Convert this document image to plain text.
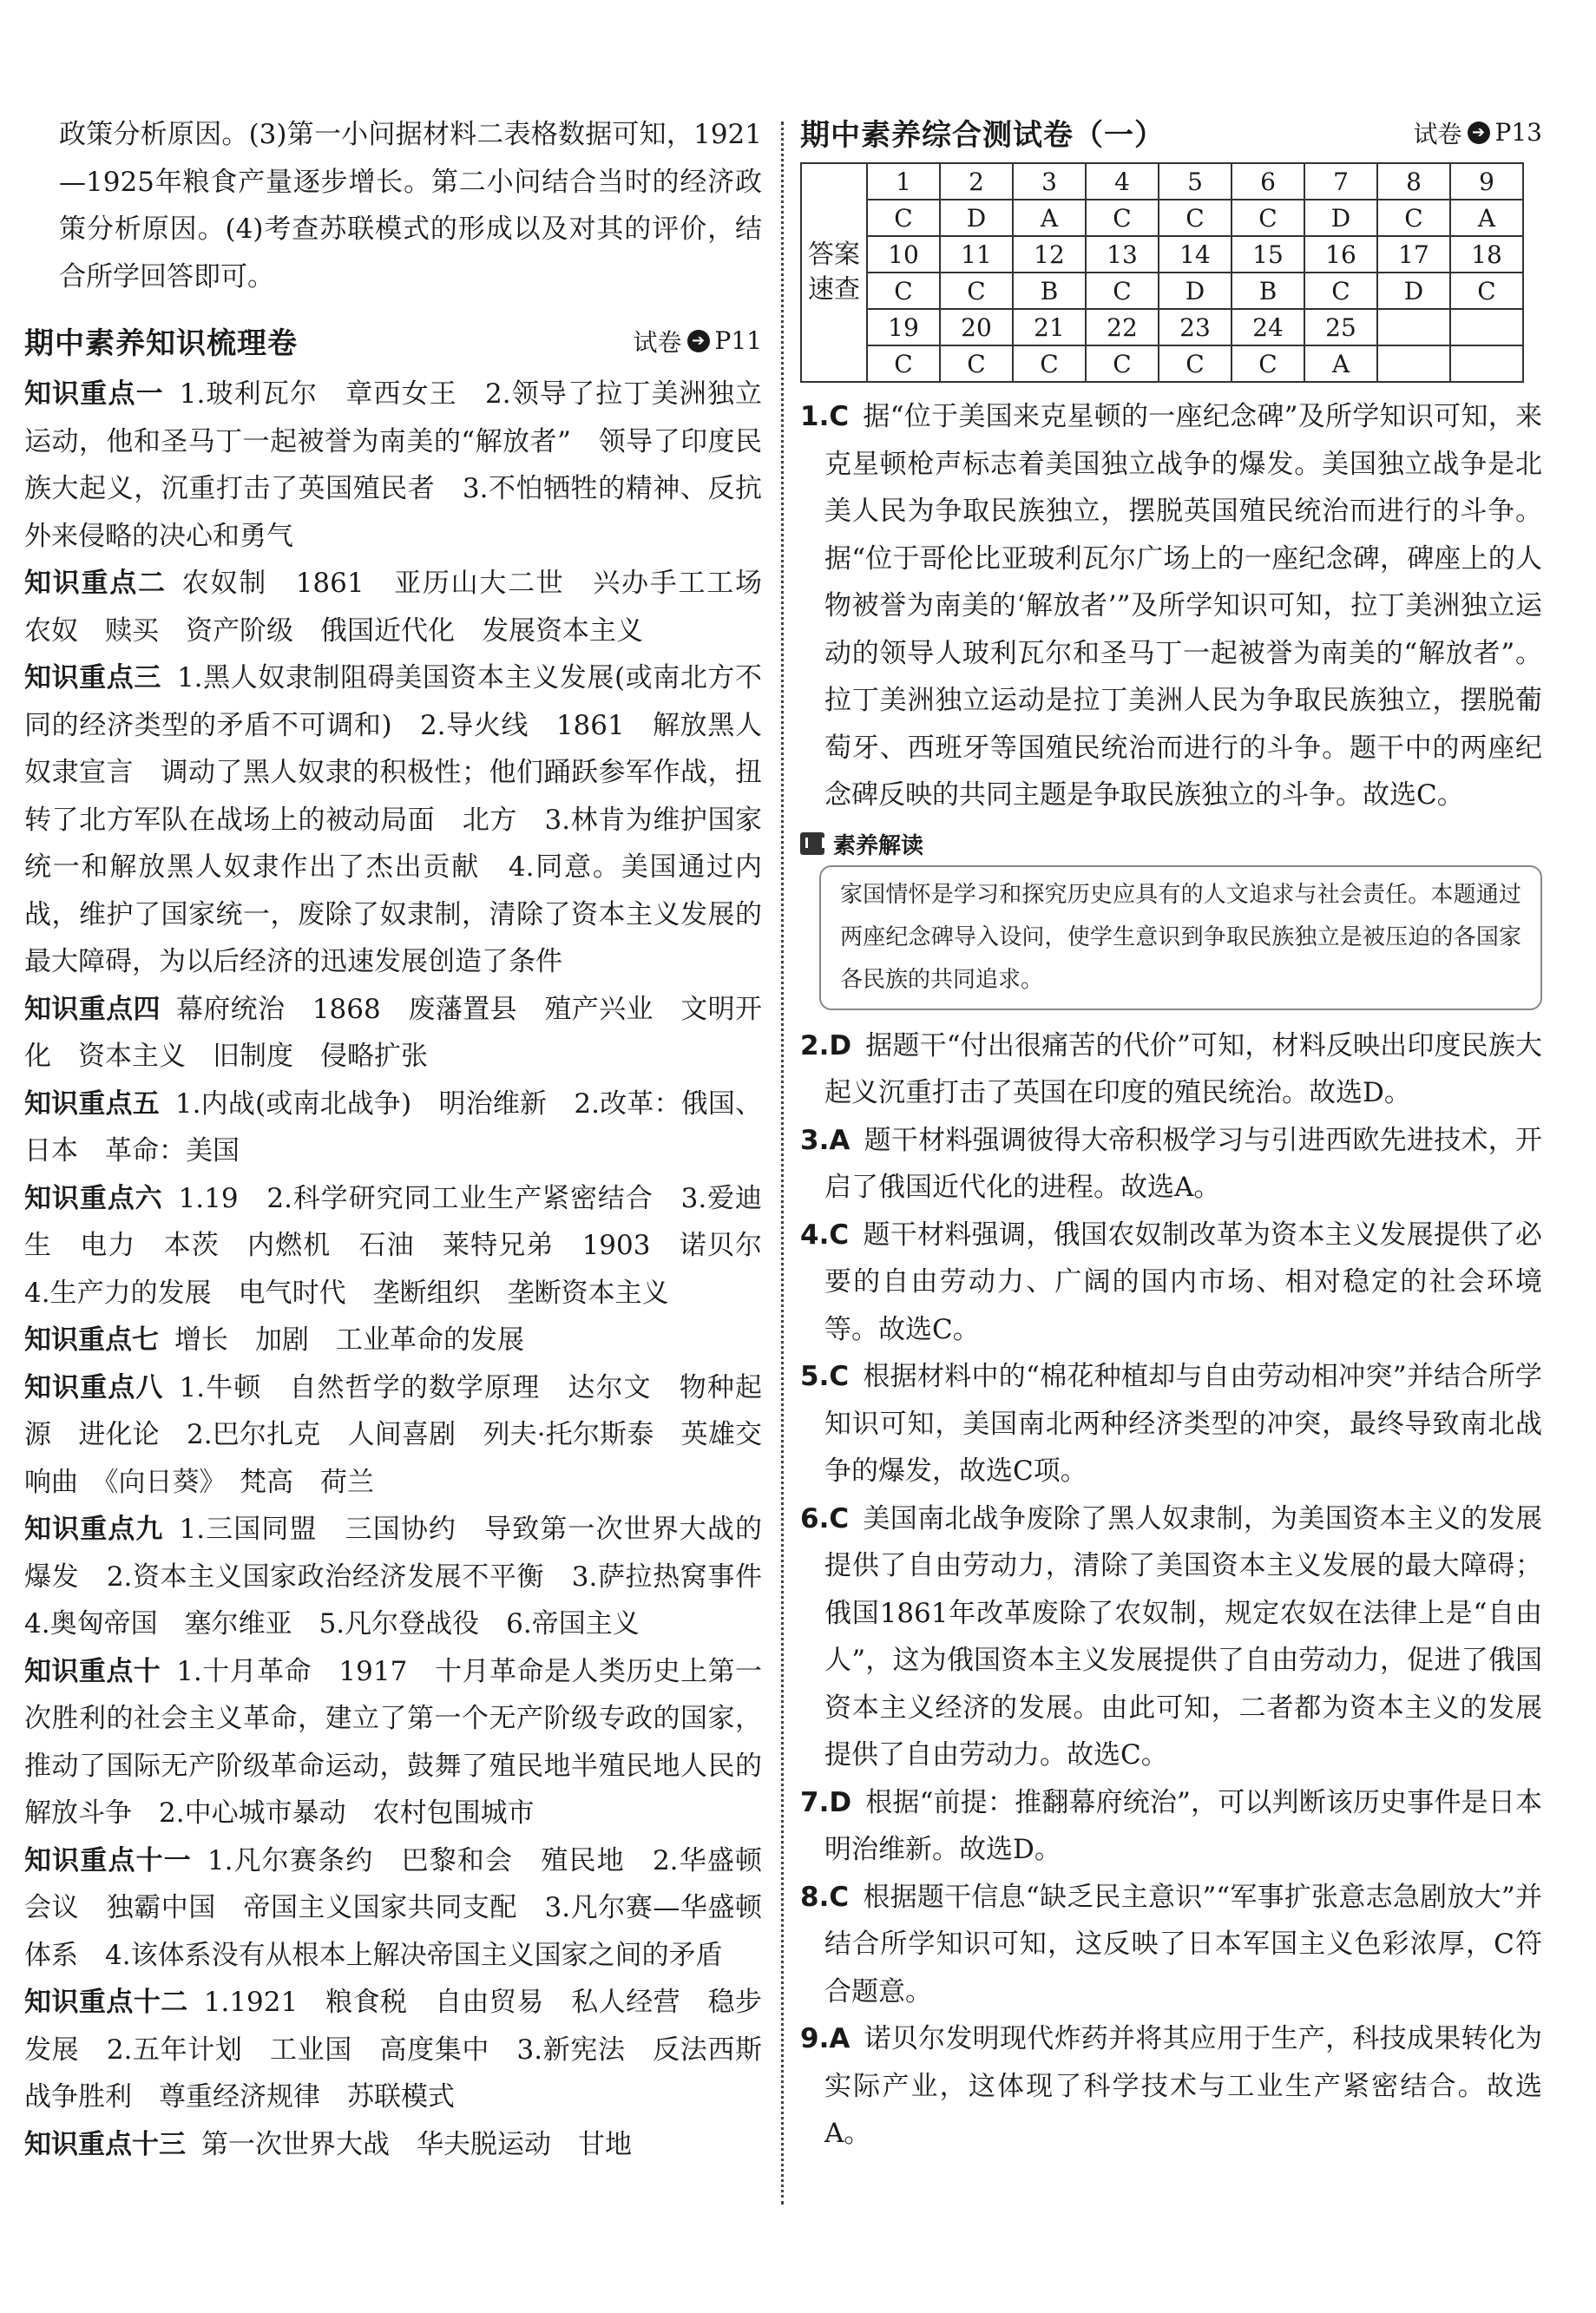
政策分析原因。(3)第一小问据材料二表格数据可知，1921—1925年粮食产量逐步增长。第二小问结合当时的经济政策分析原因。(4)考查苏联模式的形成以及对其的评价，结合所学回答即可。

期中素养知识梳理卷	试卷 ➔ P11

知识重点一 1.玻利瓦尔　章西女王　2.领导了拉丁美洲独立运动，他和圣马丁一起被誉为南美的“解放者”　领导了印度民族大起义，沉重打击了英国殖民者　3.不怕牺牲的精神、反抗外来侵略的决心和勇气

知识重点二 农奴制　1861　亚历山大二世　兴办手工工场　农奴　赎买　资产阶级　俄国近代化　发展资本主义

知识重点三 1.黑人奴隶制阻碍美国资本主义发展(或南北方不同的经济类型的矛盾不可调和)　2.导火线　1861　解放黑人奴隶宣言　调动了黑人奴隶的积极性；他们踊跃参军作战，扭转了北方军队在战场上的被动局面　北方　3.林肯为维护国家统一和解放黑人奴隶作出了杰出贡献　4.同意。美国通过内战，维护了国家统一，废除了奴隶制，清除了资本主义发展的最大障碍，为以后经济的迅速发展创造了条件

知识重点四 幕府统治　1868　废藩置县　殖产兴业　文明开化　资本主义　旧制度　侵略扩张

知识重点五 1.内战(或南北战争)　明治维新　2.改革：俄国、日本　革命：美国

知识重点六 1.19　2.科学研究同工业生产紧密结合　3.爱迪生　电力　本茨　内燃机　石油　莱特兄弟　1903　诺贝尔　4.生产力的发展　电气时代　垄断组织　垄断资本主义

知识重点七 增长　加剧　工业革命的发展

知识重点八 1.牛顿　自然哲学的数学原理　达尔文　物种起源　进化论　2.巴尔扎克　人间喜剧　列夫·托尔斯泰　英雄交响曲　《向日葵》　梵高　荷兰

知识重点九 1.三国同盟　三国协约　导致第一次世界大战的爆发　2.资本主义国家政治经济发展不平衡　3.萨拉热窝事件　4.奥匈帝国　塞尔维亚　5.凡尔登战役　6.帝国主义

知识重点十 1.十月革命　1917　十月革命是人类历史上第一次胜利的社会主义革命，建立了第一个无产阶级专政的国家，推动了国际无产阶级革命运动，鼓舞了殖民地半殖民地人民的解放斗争　2.中心城市暴动　农村包围城市

知识重点十一 1.凡尔赛条约　巴黎和会　殖民地　2.华盛顿会议　独霸中国　帝国主义国家共同支配　3.凡尔赛—华盛顿体系　4.该体系没有从根本上解决帝国主义国家之间的矛盾

知识重点十二 1.1921　粮食税　自由贸易　私人经营　稳步发展　2.五年计划　工业国　高度集中　3.新宪法　反法西斯战争胜利　尊重经济规律　苏联模式

知识重点十三 第一次世界大战　华夫脱运动　甘地

期中素养综合测试卷（一）	试卷 ➔ P13
答案速查	1	2	3	4	5	6	7	8	9
	C	D	A	C	C	C	D	C	A
	10	11	12	13	14	15	16	17	18
	C	C	B	C	D	B	C	D	C
	19	20	21	22	23	24	25		
	C	C	C	C	C	C	A		

1.C 据“位于美国来克星顿的一座纪念碑”及所学知识可知，来克星顿枪声标志着美国独立战争的爆发。美国独立战争是北美人民为争取民族独立，摆脱英国殖民统治而进行的斗争。据“位于哥伦比亚玻利瓦尔广场上的一座纪念碑，碑座上的人物被誉为南美的‘解放者’”及所学知识可知，拉丁美洲独立运动的领导人玻利瓦尔和圣马丁一起被誉为南美的“解放者”。拉丁美洲独立运动是拉丁美洲人民为争取民族独立，摆脱葡萄牙、西班牙等国殖民统治而进行的斗争。题干中的两座纪念碑反映的共同主题是争取民族独立的斗争。故选C。

素养解读
家国情怀是学习和探究历史应具有的人文追求与社会责任。本题通过两座纪念碑导入设问，使学生意识到争取民族独立是被压迫的各国家各民族的共同追求。

2.D 据题干“付出很痛苦的代价”可知，材料反映出印度民族大起义沉重打击了英国在印度的殖民统治。故选D。

3.A 题干材料强调彼得大帝积极学习与引进西欧先进技术，开启了俄国近代化的进程。故选A。

4.C 题干材料强调，俄国农奴制改革为资本主义发展提供了必要的自由劳动力、广阔的国内市场、相对稳定的社会环境等。故选C。

5.C 根据材料中的“棉花种植却与自由劳动相冲突”并结合所学知识可知，美国南北两种经济类型的冲突，最终导致南北战争的爆发，故选C项。

6.C 美国南北战争废除了黑人奴隶制，为美国资本主义的发展提供了自由劳动力，清除了美国资本主义发展的最大障碍；俄国1861年改革废除了农奴制，规定农奴在法律上是“自由人”，这为俄国资本主义发展提供了自由劳动力，促进了俄国资本主义经济的发展。由此可知，二者都为资本主义的发展提供了自由劳动力。故选C。

7.D 根据“前提：推翻幕府统治”，可以判断该历史事件是日本明治维新。故选D。

8.C 根据题干信息“缺乏民主意识”“军事扩张意志急剧放大”并结合所学知识可知，这反映了日本军国主义色彩浓厚，C符合题意。

9.A 诺贝尔发明现代炸药并将其应用于生产，科技成果转化为实际产业，这体现了科学技术与工业生产紧密结合。故选A。
